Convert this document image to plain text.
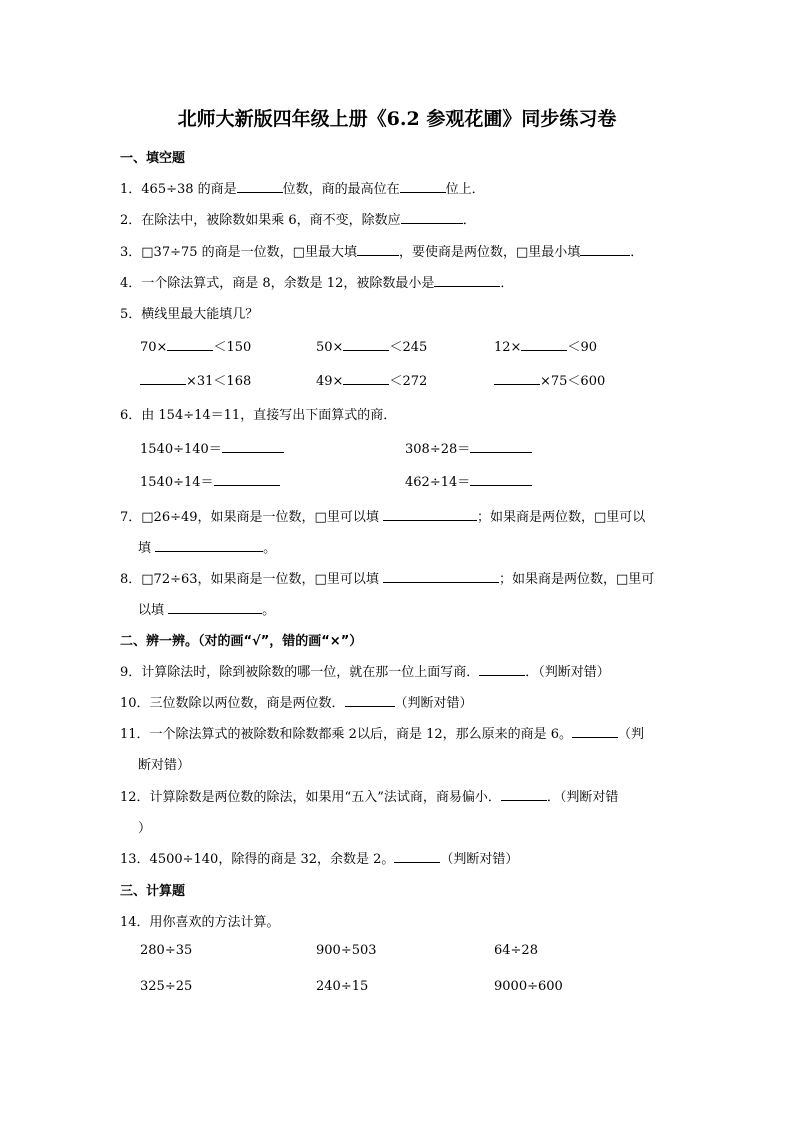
北师大新版四年级上册《6.2 参观花圃》同步练习卷
一、填空题
1．465÷38 的商是	位数，商的最高位在	位上．
2．在除法中，被除数如果乘 6，商不变，除数应	．
3．□37÷75 的商是一位数，□里最大填	，要使商是两位数，□里最小填	．
4．一个除法算式，商是 8，余数是 12，被除数最小是	．
5．横线里最大能填几？
70×	＜150	50×	＜245	12×	＜90
×31＜168	49×	＜272	×75＜600
6．由 154÷14＝11，直接写出下面算式的商．
1540÷140＝	308÷28＝
1540÷14＝	462÷14＝
7．□26÷49，如果商是一位数，□里可以填	；如果商是两位数，□里可以
填	。
8．□72÷63，如果商是一位数，□里可以填	；如果商是两位数，□里可
以填	。
二、辨一辨。（对的画“√”，错的画“×”）
9．计算除法时，除到被除数的哪一位，就在那一位上面写商．	．（判断对错）
10．三位数除以两位数，商是两位数．	（判断对错）
11．一个除法算式的被除数和除数都乘 2以后，商是 12，那么原来的商是 6。	（判
断对错）
12．计算除数是两位数的除法，如果用“五入”法试商，商易偏小．	．（判断对错
）
13．4500÷140，除得的商是 32，余数是 2。	（判断对错）
三、计算题
14．用你喜欢的方法计算。
280÷35	900÷503	64÷28
325÷25	240÷15	9000÷600
